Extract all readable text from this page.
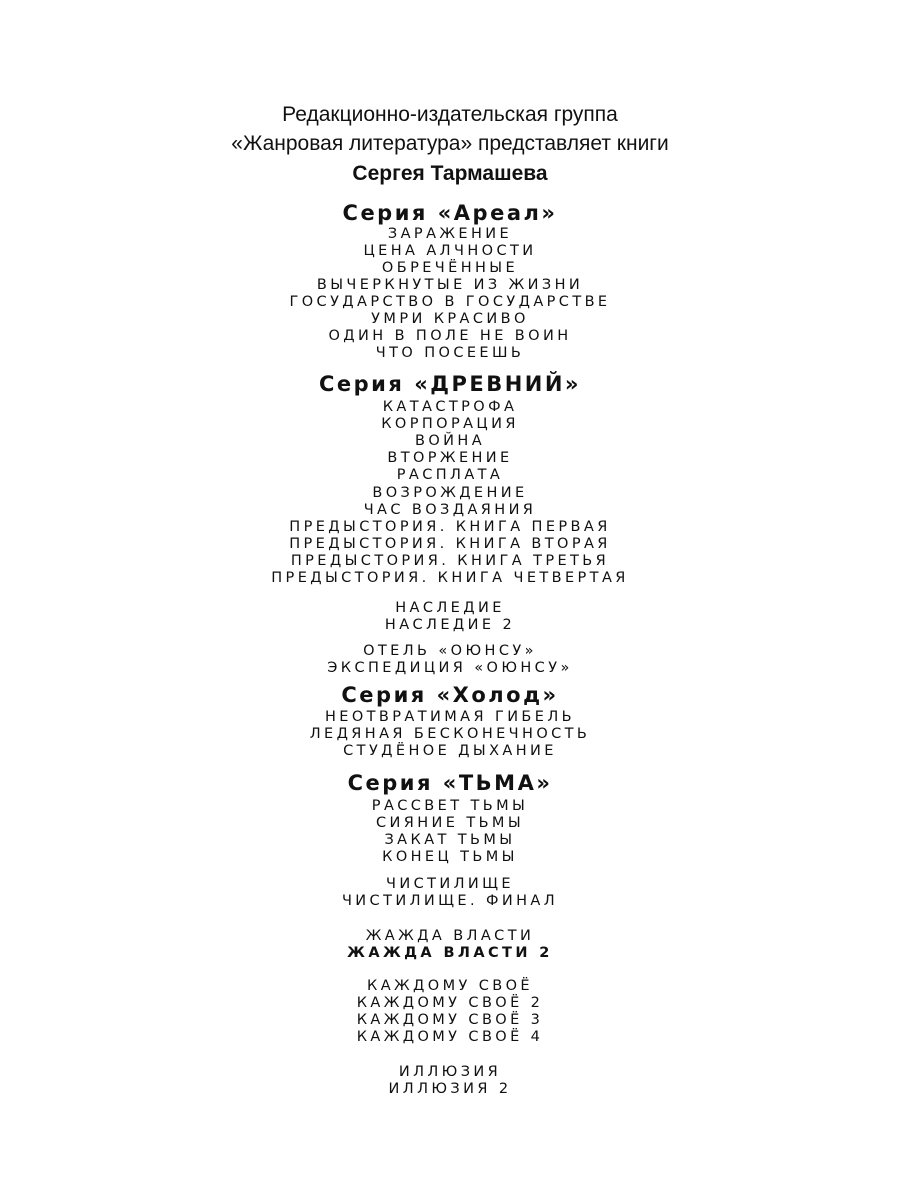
Редакционно-издательская группа
«Жанровая литература» представляет книги
Сергея Тармашева
Серия «Ареал»
ЗАРАЖЕНИЕ
ЦЕНА АЛЧНОСТИ
ОБРЕЧЁННЫЕ
ВЫЧЕРКНУТЫЕ ИЗ ЖИЗНИ
ГОСУДАРСТВО В ГОСУДАРСТВЕ
УМРИ КРАСИВО
ОДИН В ПОЛЕ НЕ ВОИН
ЧТО ПОСЕЕШЬ
Серия «ДРЕВНИЙ»
КАТАСТРОФА
КОРПОРАЦИЯ
ВОЙНА
ВТОРЖЕНИЕ
РАСПЛАТА
ВОЗРОЖДЕНИЕ
ЧАС ВОЗДАЯНИЯ
ПРЕДЫСТОРИЯ. КНИГА ПЕРВАЯ
ПРЕДЫСТОРИЯ. КНИГА ВТОРАЯ
ПРЕДЫСТОРИЯ. КНИГА ТРЕТЬЯ
ПРЕДЫСТОРИЯ. КНИГА ЧЕТВЕРТАЯ
НАСЛЕДИЕ
НАСЛЕДИЕ 2
ОТЕЛЬ «ОЮНСУ»
ЭКСПЕДИЦИЯ «ОЮНСУ»
Серия «Холод»
НЕОТВРАТИМАЯ ГИБЕЛЬ
ЛЕДЯНАЯ БЕСКОНЕЧНОСТЬ
СТУДЁНОЕ ДЫХАНИЕ
Серия «ТЬМА»
РАССВЕТ ТЬМЫ
СИЯНИЕ ТЬМЫ
ЗАКАТ ТЬМЫ
КОНЕЦ ТЬМЫ
ЧИСТИЛИЩЕ
ЧИСТИЛИЩЕ. ФИНАЛ
ЖАЖДА ВЛАСТИ
ЖАЖДА ВЛАСТИ 2
КАЖДОМУ СВОЁ
КАЖДОМУ СВОЁ 2
КАЖДОМУ СВОЁ 3
КАЖДОМУ СВОЁ 4
ИЛЛЮЗИЯ
ИЛЛЮЗИЯ 2
